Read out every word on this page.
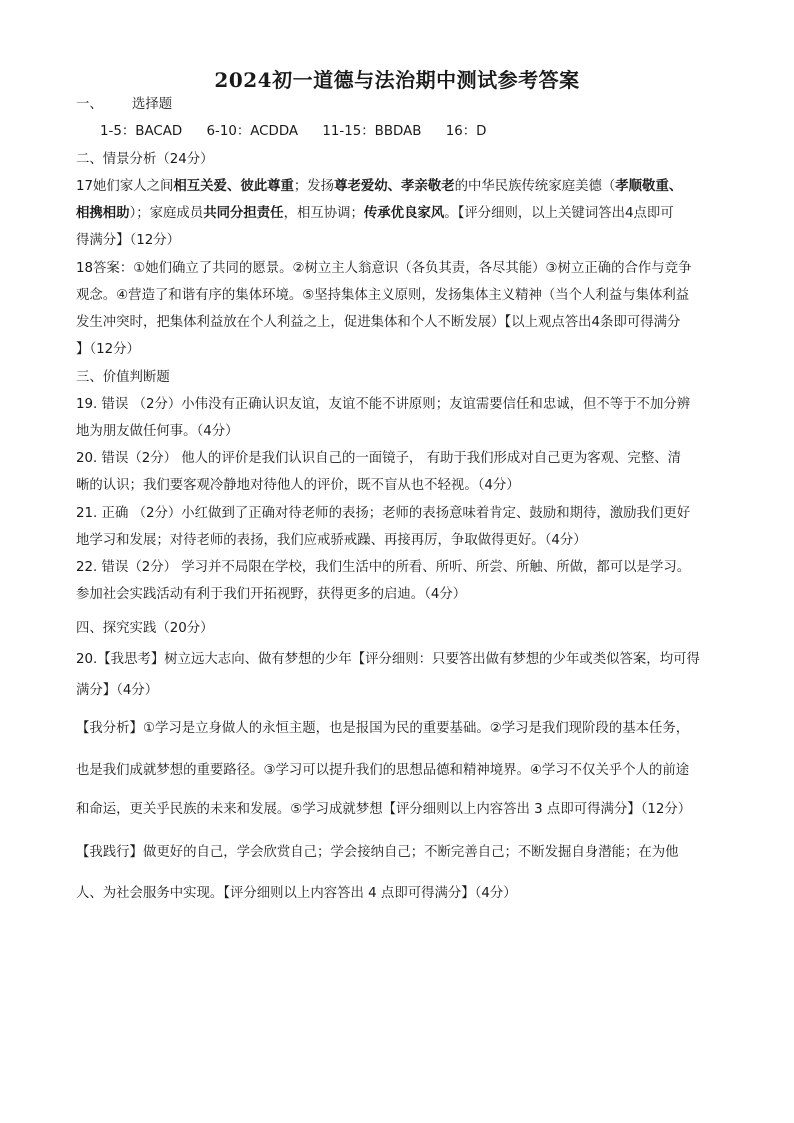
2024初一道德与法治期中测试参考答案
一、 选择题
1-5：BACAD 6-10：ACDDA 11-15：BBDAB 16：D
二、情景分析（24分）
17她们家人之间相互关爱、彼此尊重；发扬尊老爱幼、孝亲敬老的中华民族传统家庭美德（孝顺敬重、
相携相助）；家庭成员共同分担责任，相互协调；传承优良家风。【评分细则，以上关键词答出4点即可
得满分】（12分）
18答案：①她们确立了共同的愿景。②树立主人翁意识（各负其责，各尽其能）③树立正确的合作与竞争
观念。④营造了和谐有序的集体环境。⑤坚持集体主义原则，发扬集体主义精神（当个人利益与集体利益
发生冲突时，把集体利益放在个人利益之上，促进集体和个人不断发展）【以上观点答出4条即可得满分
】（12分）
三、价值判断题
19. 错误 （2分）小伟没有正确认识友谊，友谊不能不讲原则；友谊需要信任和忠诚，但不等于不加分辨
地为朋友做任何事。（4分）
20. 错误（2分） 他人的评价是我们认识自己的一面镜子， 有助于我们形成对自己更为客观、完整、清
晰的认识；我们要客观冷静地对待他人的评价，既不盲从也不轻视。（4分）
21. 正确 （2分）小红做到了正确对待老师的表扬；老师的表扬意味着肯定、鼓励和期待，激励我们更好
地学习和发展；对待老师的表扬，我们应戒骄戒躁、再接再厉，争取做得更好。（4分）
22. 错误（2分） 学习并不局限在学校，我们生活中的所看、所听、所尝、所触、所做，都可以是学习。
参加社会实践活动有利于我们开拓视野，获得更多的启迪。（4分）
四、探究实践（20分）
20.【我思考】树立远大志向、做有梦想的少年【评分细则：只要答出做有梦想的少年或类似答案，均可得
满分】（4分）
【我分析】①学习是立身做人的永恒主题，也是报国为民的重要基础。②学习是我们现阶段的基本任务，
也是我们成就梦想的重要路径。③学习可以提升我们的思想品德和精神境界。④学习不仅关乎个人的前途
和命运，更关乎民族的未来和发展。⑤学习成就梦想【评分细则以上内容答出 3 点即可得满分】（12分）
【我践行】做更好的自己，学会欣赏自己；学会接纳自己；不断完善自己；不断发掘自身潜能；在为他
人、为社会服务中实现。【评分细则以上内容答出 4 点即可得满分】（4分）
